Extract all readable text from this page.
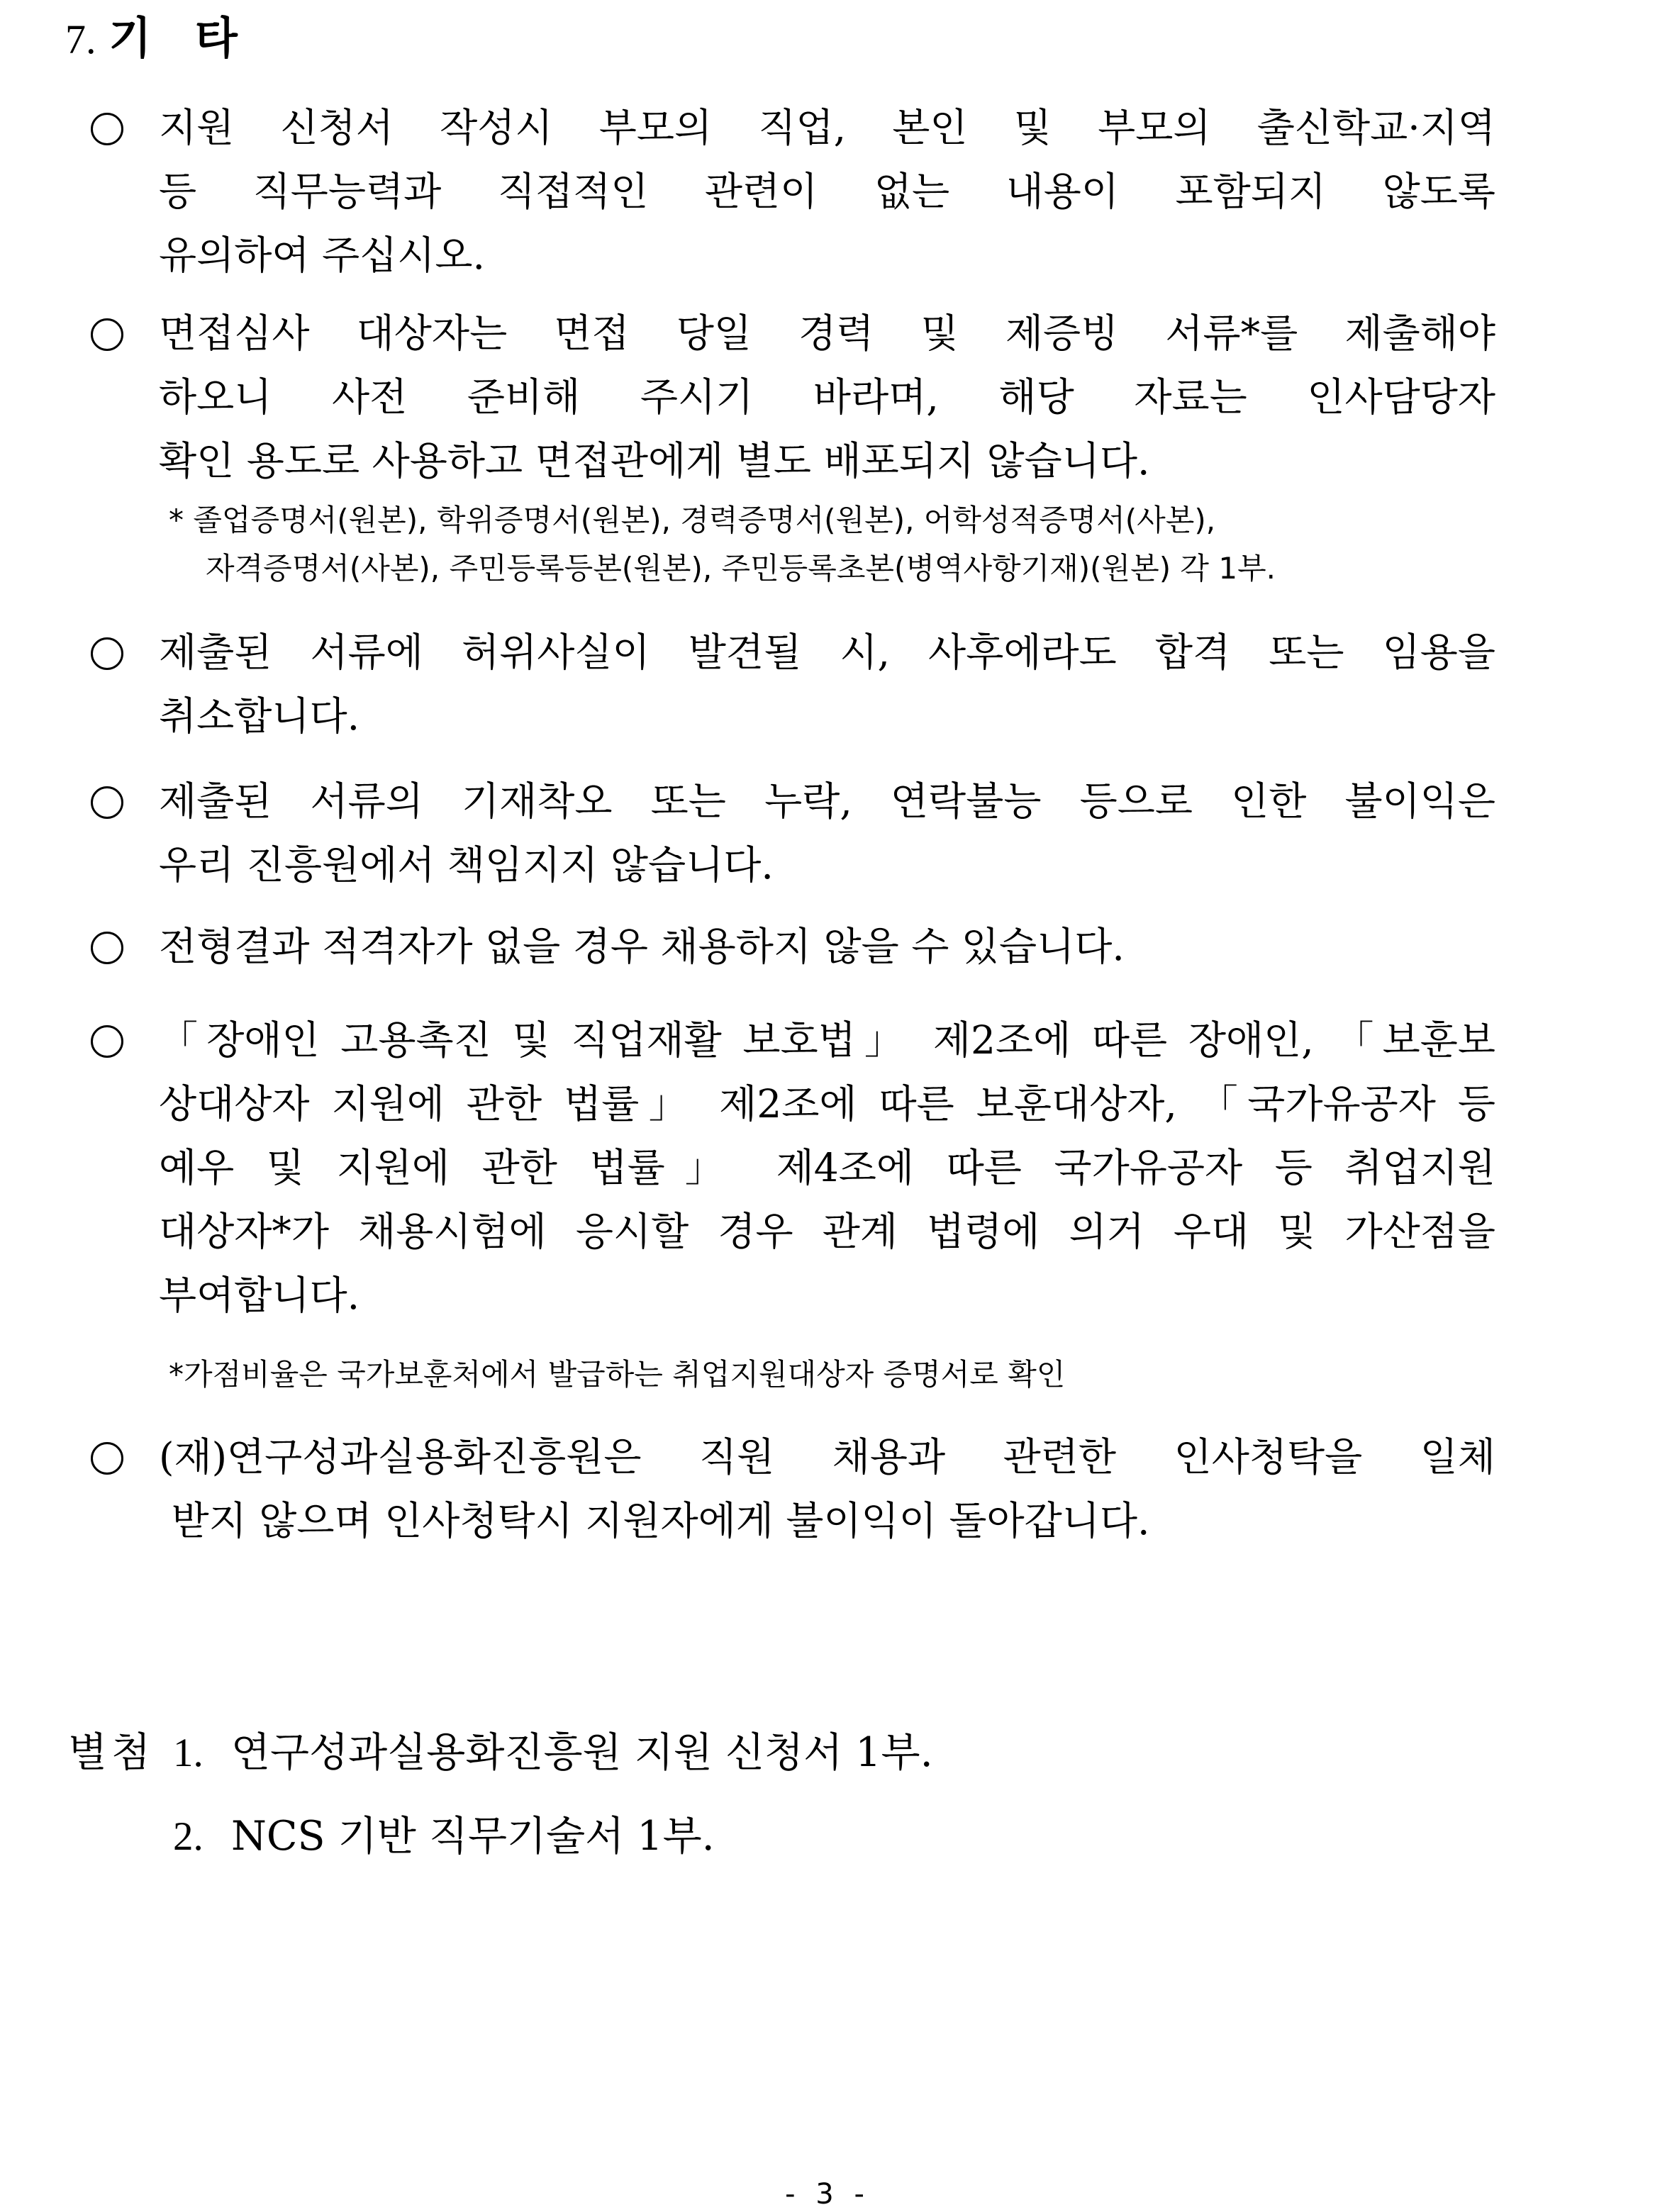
7. 기 타
지원 신청서 작성시 부모의 직업, 본인 및 부모의 출신학교·지역
등 직무능력과 직접적인 관련이 없는 내용이 포함되지 않도록
유의하여 주십시오.
면접심사 대상자는 면접 당일 경력 및 제증빙 서류*를 제출해야
하오니 사전 준비해 주시기 바라며, 해당 자료는 인사담당자
확인 용도로 사용하고 면접관에게 별도 배포되지 않습니다.
* 졸업증명서(원본), 학위증명서(원본), 경력증명서(원본), 어학성적증명서(사본),
자격증명서(사본), 주민등록등본(원본), 주민등록초본(병역사항기재)(원본) 각 1부.
제출된 서류에 허위사실이 발견될 시, 사후에라도 합격 또는 임용을
취소합니다.
제출된 서류의 기재착오 또는 누락, 연락불능 등으로 인한 불이익은
우리 진흥원에서 책임지지 않습니다.
전형결과 적격자가 없을 경우 채용하지 않을 수 있습니다.
「장애인 고용촉진 및 직업재활 보호법」 제2조에 따른 장애인, 「보훈보
상대상자 지원에 관한 법률」 제2조에 따른 보훈대상자, 「국가유공자 등
예우 및 지원에 관한 법률」 제4조에 따른 국가유공자 등 취업지원
대상자*가 채용시험에 응시할 경우 관계 법령에 의거 우대 및 가산점을
부여합니다.
*가점비율은 국가보훈처에서 발급하는 취업지원대상자 증명서로 확인
(재)연구성과실용화진흥원은 직원 채용과 관련한 인사청탁을 일체
받지 않으며 인사청탁시 지원자에게 불이익이 돌아갑니다.
별첨 1. 연구성과실용화진흥원 지원 신청서 1부.
2. NCS 기반 직무기술서 1부.
- 3 -
